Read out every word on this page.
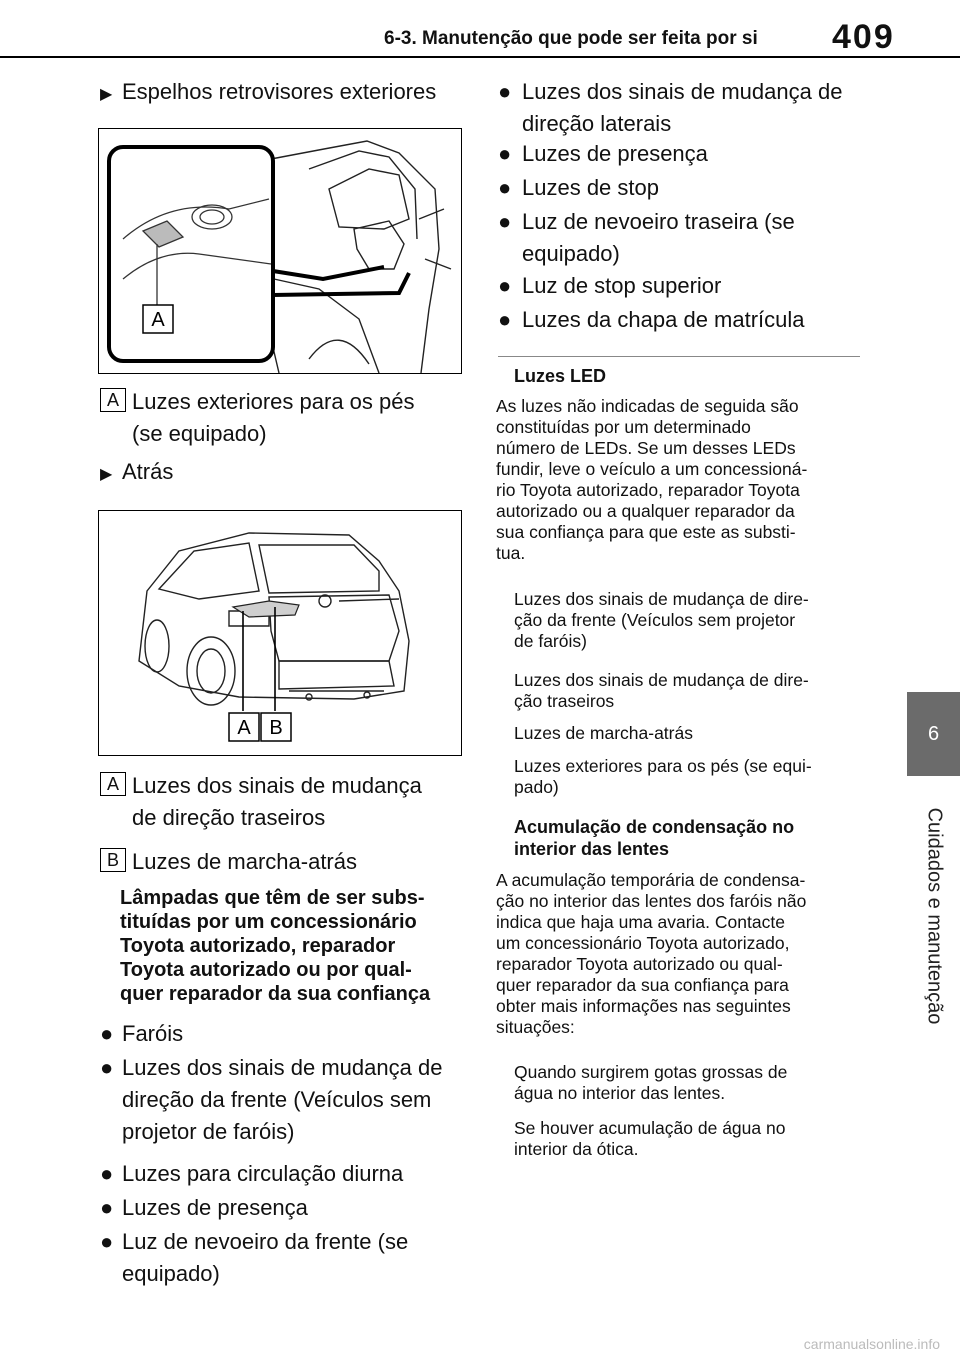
6-3. Manutenção que pode ser feita por si 409
6
Cuidados e manutenção
▶ Espelhos retrovisores exteriores
A
A Luzes exteriores para os pés
(se equipado)
▶ Atrás
A B
A Luzes dos sinais de mudança
de direção traseiros
B Luzes de marcha-atrás
Lâmpadas que têm de ser subs-
tituídas por um concessionário
Toyota autorizado, reparador
Toyota autorizado ou por qual-
quer reparador da sua confiança
● Faróis
● Luzes dos sinais de mudança de
direção da frente (Veículos sem
projetor de faróis)
● Luzes para circulação diurna
● Luzes de presença
● Luz de nevoeiro da frente (se
equipado)
● Luzes dos sinais de mudança de
direção laterais
● Luzes de presença
● Luzes de stop
● Luz de nevoeiro traseira (se
equipado)
● Luz de stop superior
● Luzes da chapa de matrícula
Luzes LED
As luzes não indicadas de seguida são
constituídas por um determinado
número de LEDs. Se um desses LEDs
fundir, leve o veículo a um concessioná-
rio Toyota autorizado, reparador Toyota
autorizado ou a qualquer reparador da
sua confiança para que este as substi-
tua.
Luzes dos sinais de mudança de dire-
ção da frente (Veículos sem projetor
de faróis)
Luzes dos sinais de mudança de dire-
ção traseiros
Luzes de marcha-atrás
Luzes exteriores para os pés (se equi-
pado)
Acumulação de condensação no
interior das lentes
A acumulação temporária de condensa-
ção no interior das lentes dos faróis não
indica que haja uma avaria. Contacte
um concessionário Toyota autorizado,
reparador Toyota autorizado ou qual-
quer reparador da sua confiança para
obter mais informações nas seguintes
situações:
Quando surgirem gotas grossas de
água no interior das lentes.
Se houver acumulação de água no
interior da ótica.
carmanualsonline.info
